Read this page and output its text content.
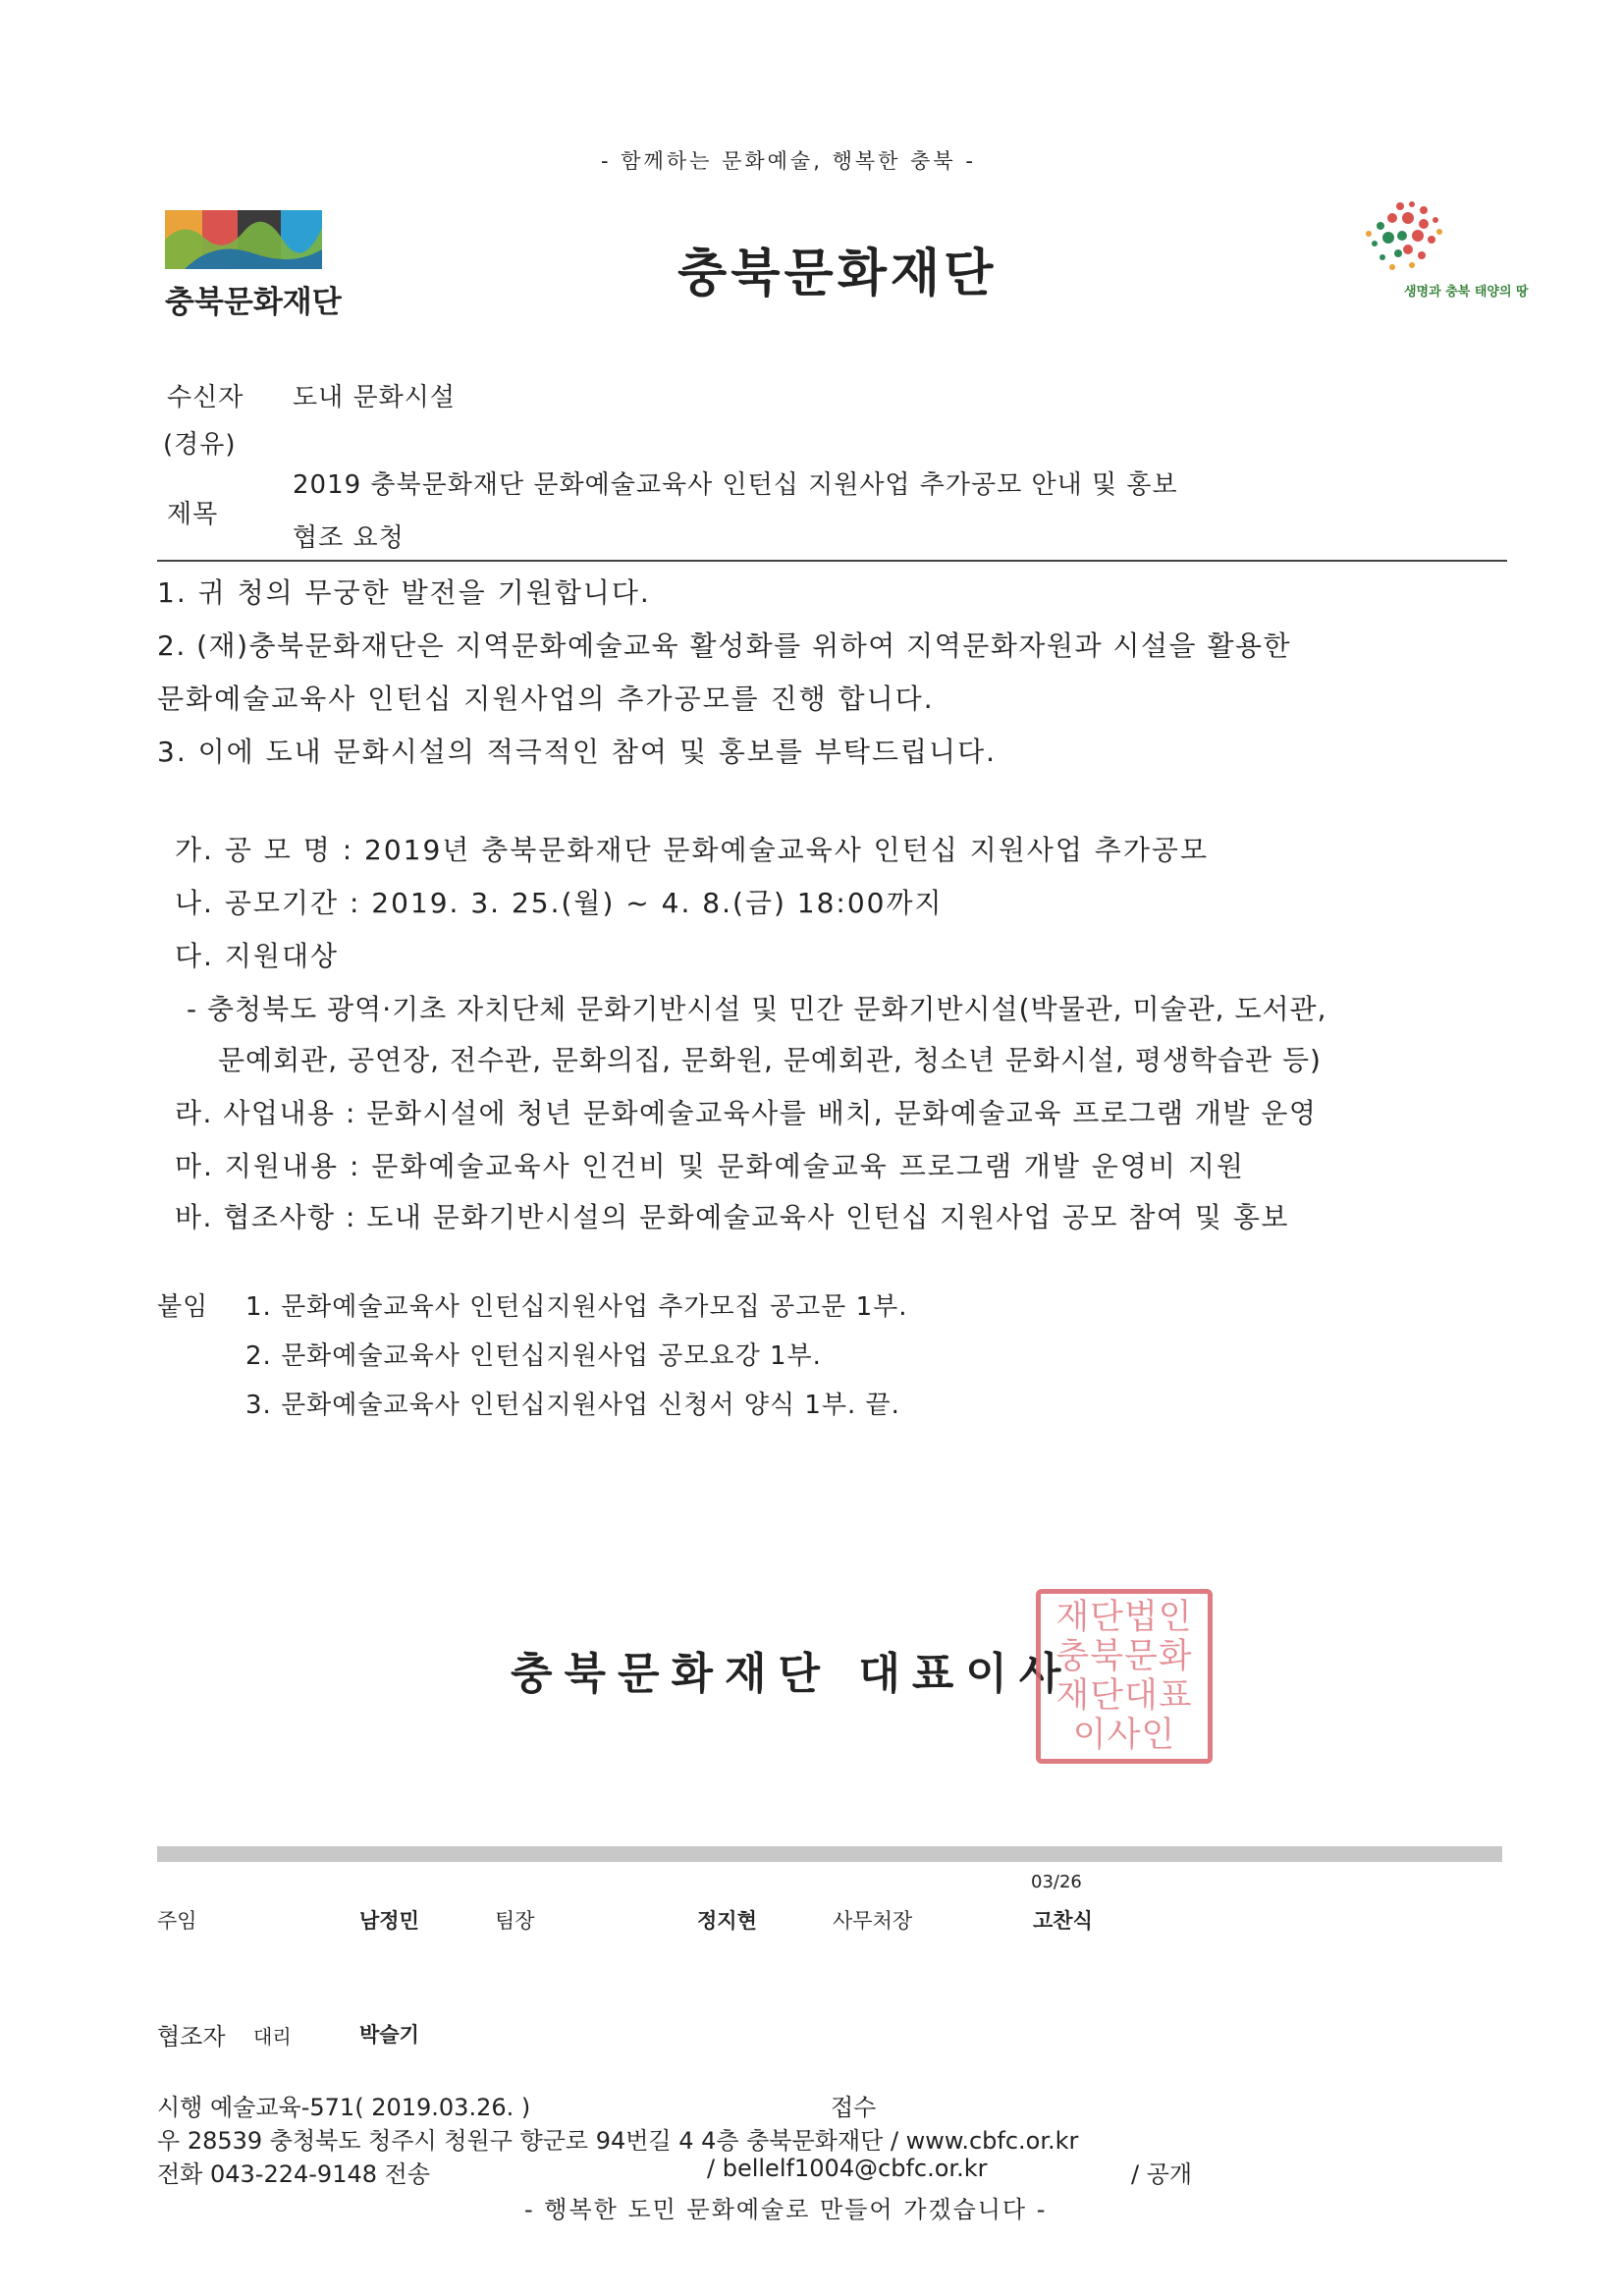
- 함께하는 문화예술, 행복한 충북 -
충북문화재단	충북문화재단	생명과 충북 태양의 땅
수신자 도내 문화시설
(경유)
제목
2019 충북문화재단 문화예술교육사 인턴십 지원사업 추가공모 안내 및 홍보
협조 요청
1. 귀 청의 무궁한 발전을 기원합니다.
2. (재)충북문화재단은 지역문화예술교육 활성화를 위하여 지역문화자원과 시설을 활용한
문화예술교육사 인턴십 지원사업의 추가공모를 진행 합니다.
3. 이에 도내 문화시설의 적극적인 참여 및 홍보를 부탁드립니다.
가. 공 모 명 : 2019년 충북문화재단 문화예술교육사 인턴십 지원사업 추가공모
나. 공모기간 : 2019. 3. 25.(월) ~ 4. 8.(금) 18:00까지
다. 지원대상
- 충청북도 광역·기초 자치단체 문화기반시설 및 민간 문화기반시설(박물관, 미술관, 도서관,
문예회관, 공연장, 전수관, 문화의집, 문화원, 문예회관, 청소년 문화시설, 평생학습관 등)
라. 사업내용 : 문화시설에 청년 문화예술교육사를 배치, 문화예술교육 프로그램 개발 운영
마. 지원내용 : 문화예술교육사 인건비 및 문화예술교육 프로그램 개발 운영비 지원
바. 협조사항 : 도내 문화기반시설의 문화예술교육사 인턴십 지원사업 공모 참여 및 홍보
붙임 1. 문화예술교육사 인턴십지원사업 추가모집 공고문 1부.
2. 문화예술교육사 인턴십지원사업 공모요강 1부.
3. 문화예술교육사 인턴십지원사업 신청서 양식 1부. 끝.
충북문화재단 대표이사
재단법인
충북문화
재단대표
이사인
03/26
주임	남정민	팀장	정지현	사무처장	고찬식
협조자 대리	박슬기
시행 예술교육-571( 2019.03.26. )	접수
우 28539 충청북도 청주시 청원구 향군로 94번길 4 4층 충북문화재단 / www.cbfc.or.kr
전화 043-224-9148 전송	/ bellelf1004@cbfc.or.kr	/ 공개
- 행복한 도민 문화예술로 만들어 가겠습니다 -
